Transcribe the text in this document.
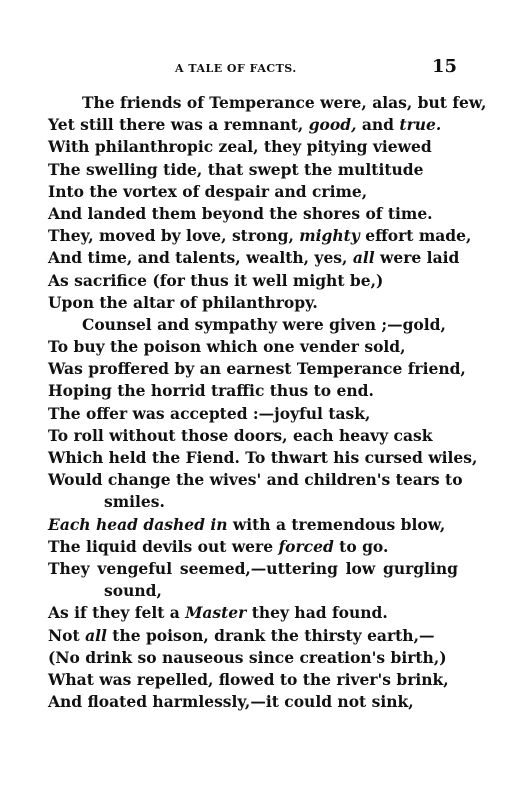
A TALE OF FACTS.	15
The friends of Temperance were, alas, but few,
Yet still there was a remnant, good, and true.
With philanthropic zeal, they pitying viewed
The swelling tide, that swept the multitude
Into the vortex of despair and crime,
And landed them beyond the shores of time.
They, moved by love, strong, mighty effort made,
And time, and talents, wealth, yes, all were laid
As sacrifice (for thus it well might be,)
Upon the altar of philanthropy.
Counsel and sympathy were given ;—gold,
To buy the poison which one vender sold,
Was proffered by an earnest Temperance friend,
Hoping the horrid traffic thus to end.
The offer was accepted :—joyful task,
To roll without those doors, each heavy cask
Which held the Fiend. To thwart his cursed wiles,
Would change the wives' and children's tears to
smiles.
Each head dashed in with a tremendous blow,
The liquid devils out were forced to go.
They vengeful seemed,—uttering low gurgling
sound,
As if they felt a Master they had found.
Not all the poison, drank the thirsty earth,—
(No drink so nauseous since creation's birth,)
What was repelled, flowed to the river's brink,
And floated harmlessly,—it could not sink,
